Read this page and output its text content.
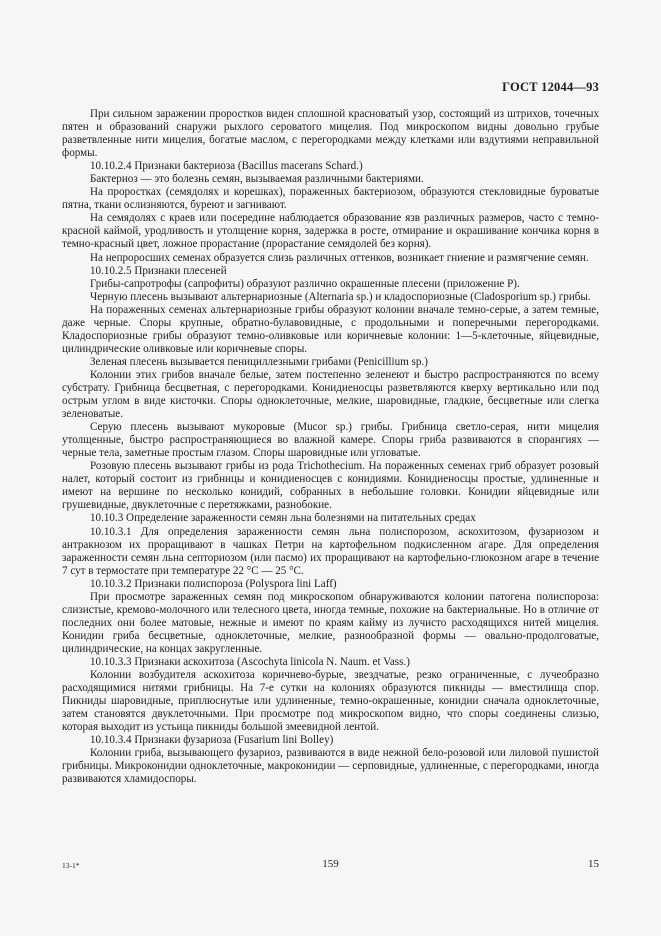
ГОСТ 12044—93

При сильном заражении проростков виден сплошной красноватый узор, состоящий из штрихов, точечных пятен и образований снаружи рыхлого сероватого мицелия. Под микроскопом видны довольно грубые разветвленные нити мицелия, богатые маслом, с перегородками между клетками или вздутиями неправильной формы.

10.10.2.4 Признаки бактериоза (Bacillus macerans Schard.)

Бактериоз — это болезнь семян, вызываемая различными бактериями.

На проростках (семядолях и корешках), пораженных бактериозом, образуются стекловидные буроватые пятна, ткани ослизняются, буреют и загнивают.

На семядолях с краев или посередине наблюдается образование язв различных размеров, часто с темно-красной каймой, уродливость и утолщение корня, задержка в росте, отмирание и окрашивание кончика корня в темно-красный цвет, ложное прорастание (прорастание семядолей без корня).

На непроросших семенах образуется слизь различных оттенков, возникает гниение и размягчение семян.

10.10.2.5 Признаки плесеней

Грибы-сапротрофы (сапрофиты) образуют различно окрашенные плесени (приложение Р).

Черную плесень вызывают альтернариозные (Alternaria sp.) и кладоспориозные (Cladosporium sp.) грибы.

На пораженных семенах альтернариозные грибы образуют колонии вначале темно-серые, а затем темные, даже черные. Споры крупные, обратно-булавовидные, с продольными и поперечными перегородками. Кладоспориозные грибы образуют темно-оливковые или коричневые колонии: 1—5-клеточные, яйцевидные, цилиндрические оливковые или коричневые споры.

Зеленая плесень вызывается пенициллезными грибами (Penicillium sp.)

Колонии этих грибов вначале белые, затем постепенно зеленеют и быстро распространяются по всему субстрату. Грибница бесцветная, с перегородками. Конидиеносцы разветвляются кверху вертикально или под острым углом в виде кисточки. Споры одноклеточные, мелкие, шаровидные, гладкие, бесцветные или слегка зеленоватые.

Серую плесень вызывают мукоровые (Mucor sp.) грибы. Грибница светло-серая, нити мицелия утолщенные, быстро распространяющиеся во влажной камере. Споры гриба развиваются в спорангиях — черные тела, заметные простым глазом. Споры шаровидные или угловатые.

Розовую плесень вызывают грибы из рода Trichothecium. На пораженных семенах гриб образует розовый налет, который состоит из грибницы и конидиеносцев с конидиями. Конидиеносцы простые, удлиненные и имеют на вершине по несколько конидий, собранных в небольшие головки. Конидии яйцевидные или грушевидные, двуклеточные с перетяжками, разнобокие.

10.10.3 Определение зараженности семян льна болезнями на питательных средах

10.10.3.1 Для определения зараженности семян льна полиспорозом, аскохитозом, фузариозом и антракнозом их проращивают в чашках Петри на картофельном подкисленном агаре. Для определения зараженности семян льна септориозом (или пасмо) их проращивают на картофельно-глюкозном агаре в течение 7 сут в термостате при температуре 22 °С — 25 °С.

10.10.3.2 Признаки полиспороза (Polyspora lini Laff)

При просмотре зараженных семян под микроскопом обнаруживаются колонии патогена полиспороза: слизистые, кремово-молочного или телесного цвета, иногда темные, похожие на бактериальные. Но в отличие от последних они более матовые, нежные и имеют по краям кайму из лучисто расходящихся нитей мицелия. Конидии гриба бесцветные, одноклеточные, мелкие, разнообразной формы — овально-продолговатые, цилиндрические, на концах закругленные.

10.10.3.3 Признаки аскохитоза (Ascochyta linicola N. Naum. et Vass.)

Колонии возбудителя аскохитоза коричнево-бурые, звездчатые, резко ограниченные, с лучеобразно расходящимися нитями грибницы. На 7-е сутки на колониях образуются пикниды — вместилища спор. Пикниды шаровидные, приплюснутые или удлиненные, темно-окрашенные, конидии сначала одноклеточные, затем становятся двуклеточными. При просмотре под микроскопом видно, что споры соединены слизью, которая выходит из устьица пикниды большой змеевидной лентой.

10.10.3.4 Признаки фузариоза (Fusarium lini Bolley)

Колонии гриба, вызывающего фузариоз, развиваются в виде нежной бело-розовой или лиловой пушистой грибницы. Микроконидии одноклеточные, макроконидии — серповидные, удлиненные, с перегородками, иногда развиваются хламидоспоры.

13-1*	159	15
